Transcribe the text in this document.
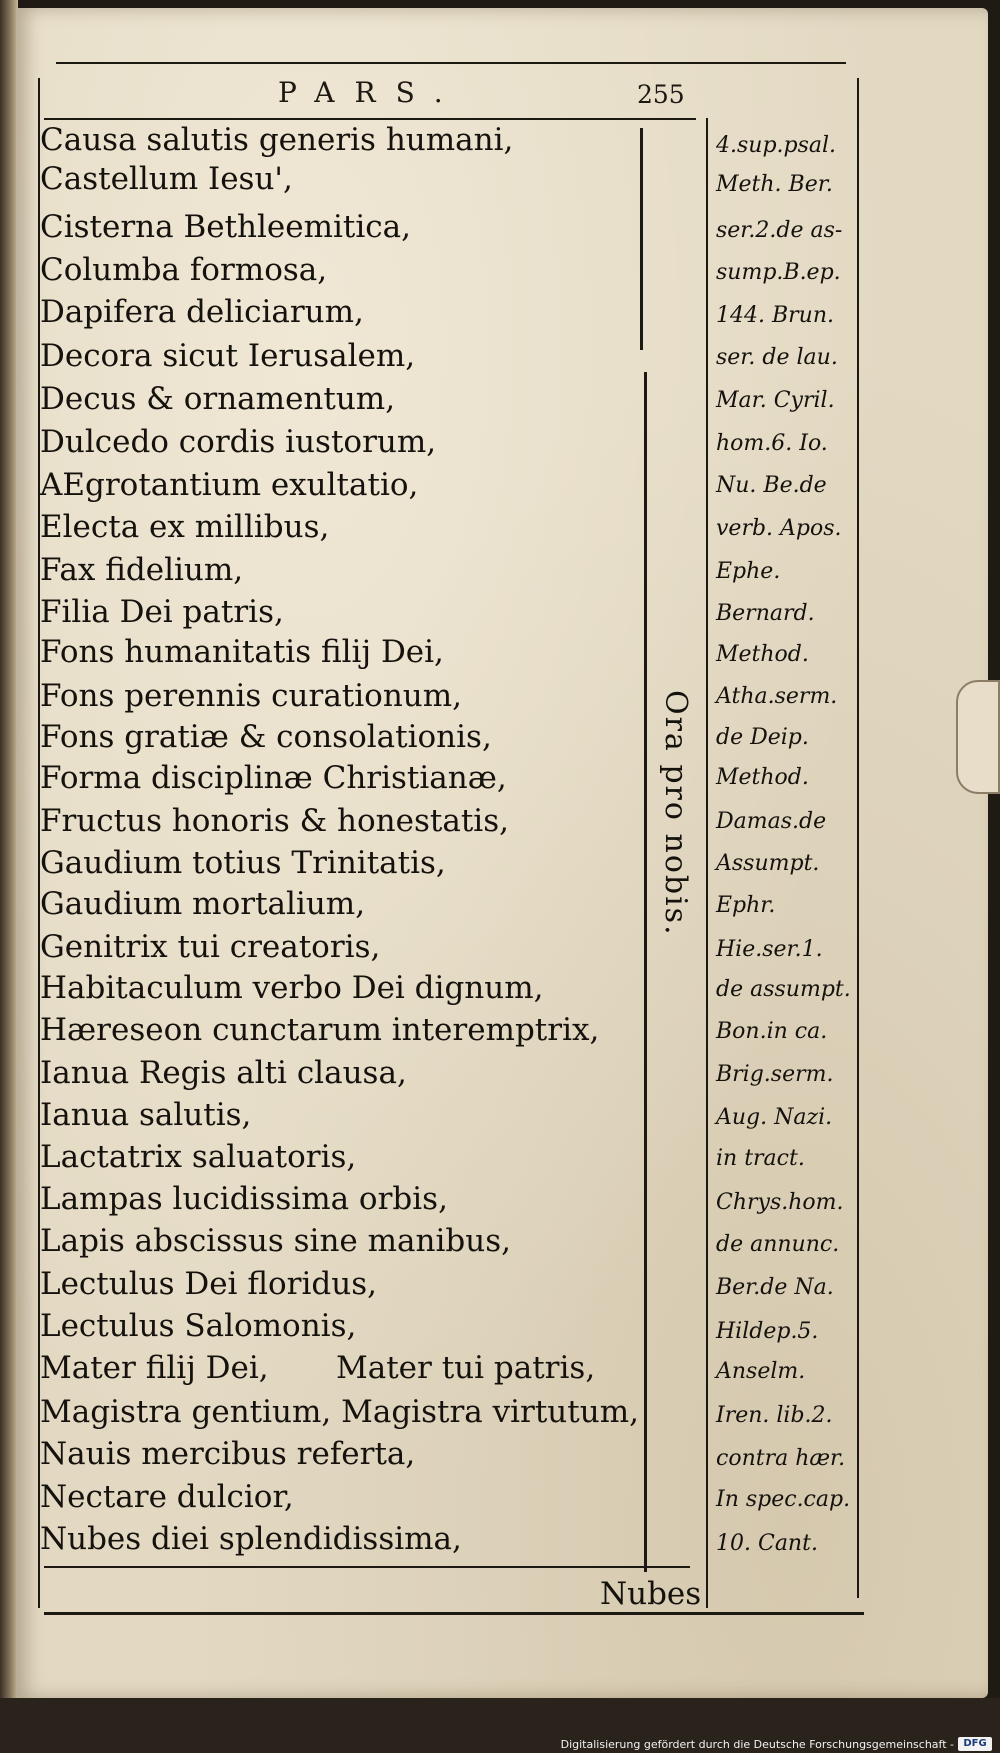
PARS.	255
Causa salutis generis humani,
Castellum Iesu',
Cisterna Bethleemitica,
Columba formosa,
Dapifera deliciarum,
Decora sicut Ierusalem,
Decus & ornamentum,
Dulcedo cordis iustorum,
AEgrotantium exultatio,
Electa ex millibus,
Fax fidelium,
Filia Dei patris,
Fons humanitatis filij Dei,
Fons perennis curationum,
Fons gratiæ & consolationis,
Forma disciplinæ Christianæ,
Fructus honoris & honestatis,
Gaudium totius Trinitatis,
Gaudium mortalium,
Genitrix tui creatoris,
Habitaculum verbo Dei dignum,
Hæreseon cunctarum interemptrix,
Ianua Regis alti clausa,
Ianua salutis,
Lactatrix saluatoris,
Lampas lucidissima orbis,
Lapis abscissus sine manibus,
Lectulus Dei floridus,
Lectulus Salomonis,
Mater filij Dei, Mater tui patris,
Magistra gentium, Magistra virtutum,
Nauis mercibus referta,
Nectare dulcior,
Nubes diei splendidissima,
Ora pro nobis.
4.sup.psal.
Meth. Ber.
ser.2.de as-
sump.B.ep.
144. Brun.
ser. de lau.
Mar. Cyril.
hom.6. Io.
Nu. Be.de
verb. Apos.
Ephe.
Bernard.
Method.
Atha.serm.
de Deip.
Method.
Damas.de
Assumpt.
Ephr.
Hie.ser.1.
de assumpt.
Bon.in ca.
Brig.serm.
Aug. Nazi.
in tract.
Chrys.hom.
de annunc.
Ber.de Na.
Hildep.5.
Anselm.
Iren. lib.2.
contra hær.
In spec.cap.
10. Cant.
Nubes
Digitalisierung gefördert durch die Deutsche Forschungsgemeinschaft - DFG
